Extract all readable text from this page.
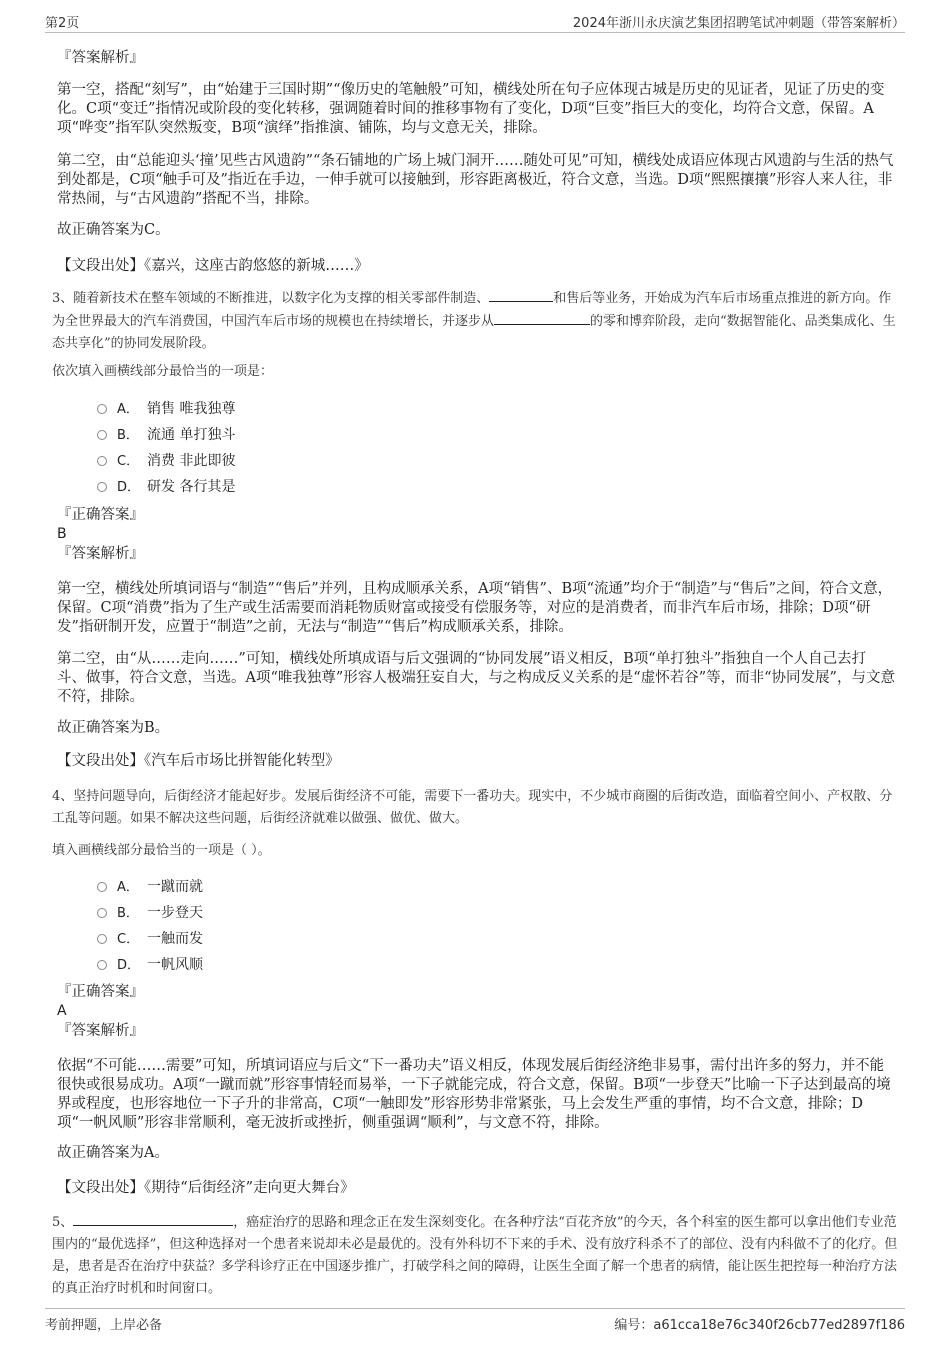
第2页	2024年浙川永庆演艺集团招聘笔试冲刺题（带答案解析）
『答案解析』
第一空，搭配“刻写”，由“始建于三国时期”“像历史的笔触般”可知，横线处所在句子应体现古城是历史的见证者，见证了历史的变化。C项“变迁”指情况或阶段的变化转移，强调随着时间的推移事物有了变化，D项“巨变”指巨大的变化，均符合文意，保留。A项“哗变”指军队突然叛变，B项“演绎”指推演、铺陈，均与文意无关，排除。
第二空，由“总能迎头‘撞’见些古风遗韵”“条石铺地的广场上城门洞开……随处可见”可知，横线处成语应体现古风遗韵与生活的热气到处都是，C项“触手可及”指近在手边，一伸手就可以接触到，形容距离极近，符合文意，当选。D项“熙熙攘攘”形容人来人往，非常热闹，与“古风遗韵”搭配不当，排除。
故正确答案为C。
【文段出处】《嘉兴，这座古韵悠悠的新城……》
3、随着新技术在整车领域的不断推进，以数字化为支撑的相关零部件制造、	和售后等业务，开始成为汽车后市场重点推进的新方向。作为全世界最大的汽车消费国，中国汽车后市场的规模也在持续增长，并逐步从	的零和博弈阶段，走向“数据智能化、品类集成化、生态共享化”的协同发展阶段。
依次填入画横线部分最恰当的一项是：
A． 销售 唯我独尊
B． 流通 单打独斗
C． 消费 非此即彼
D． 研发 各行其是
『正确答案』
B
『答案解析』
第一空，横线处所填词语与“制造”“售后”并列，且构成顺承关系，A项“销售”、B项“流通”均介于“制造”与“售后”之间，符合文意，保留。C项“消费”指为了生产或生活需要而消耗物质财富或接受有偿服务等，对应的是消费者，而非汽车后市场，排除；D项“研发”指研制开发，应置于“制造”之前，无法与“制造”“售后”构成顺承关系，排除。
第二空，由“从……走向……”可知，横线处所填成语与后文强调的“协同发展”语义相反，B项“单打独斗”指独自一个人自己去打斗、做事，符合文意，当选。A项“唯我独尊”形容人极端狂妄自大，与之构成反义关系的是“虚怀若谷”等，而非“协同发展”，与文意不符，排除。
故正确答案为B。
【文段出处】《汽车后市场比拼智能化转型》
4、坚持问题导向，后街经济才能起好步。发展后街经济不可能，需要下一番功夫。现实中，不少城市商圈的后街改造，面临着空间小、产权散、分工乱等问题。如果不解决这些问题，后街经济就难以做强、做优、做大。
填入画横线部分最恰当的一项是（ ）。
A． 一蹴而就
B． 一步登天
C． 一触而发
D． 一帆风顺
『正确答案』
A
『答案解析』
依据“不可能……需要”可知，所填词语应与后文“下一番功夫”语义相反，体现发展后街经济绝非易事，需付出许多的努力，并不能很快或很易成功。A项“一蹴而就”形容事情轻而易举，一下子就能完成，符合文意，保留。B项“一步登天”比喻一下子达到最高的境界或程度，也形容地位一下子升的非常高，C项“一触即发”形容形势非常紧张，马上会发生严重的事情，均不合文意，排除；D项“一帆风顺”形容非常顺利，毫无波折或挫折，侧重强调“顺利”，与文意不符，排除。
故正确答案为A。
【文段出处】《期待“后街经济”走向更大舞台》
5、	，癌症治疗的思路和理念正在发生深刻变化。在各种疗法“百花齐放”的今天，各个科室的医生都可以拿出他们专业范围内的“最优选择”，但这种选择对一个患者来说却未必是最优的。没有外科切不下来的手术、没有放疗科杀不了的部位、没有内科做不了的化疗。但是，患者是否在治疗中获益？多学科诊疗正在中国逐步推广，打破学科之间的障碍，让医生全面了解一个患者的病情，能让医生把控每一种治疗方法的真正治疗时机和时间窗口。
考前押题，上岸必备	编号：a61cca18e76c340f26cb77ed2897f186
